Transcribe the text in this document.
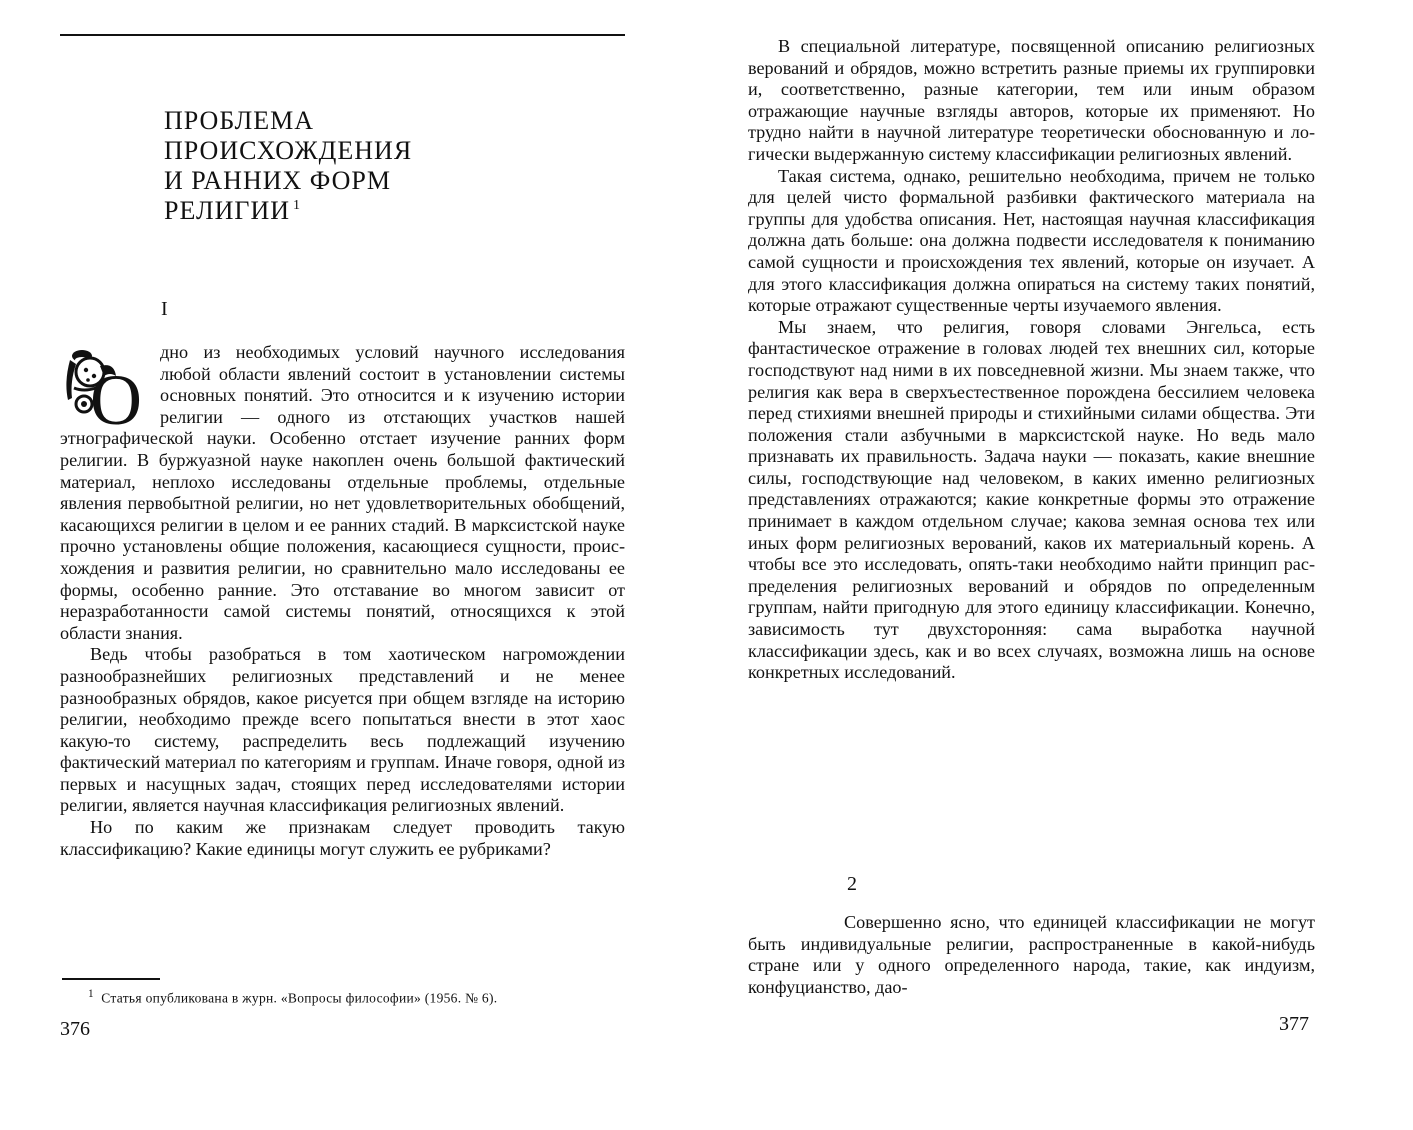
ПРОБЛЕМА
ПРОИСХОЖДЕНИЯ
И РАННИХ ФОРМ
РЕЛИГИИ $^1$
I

О
дно из необходимых условий научного исследования любой области явлений состоит в установлении системы основных понятий. Это относится и к изучению истории религии — одного из отстающих участков нашей этнографической науки. Особенно отстает изучение ранних форм религии. В буржуазной науке накоплен очень большой фактический материал, неплохо исследованы отдельные проблемы, отдельные явления первобытной религии, но нет удовлетворительных обобщений, касающихся религии в целом и ее ранних стадий. В марксистской науке прочно установлены общие положения, касающиеся сущности, происхождения и развития религии, но сравнительно мало исследованы ее формы, особенно ранние. Это отставание во многом зависит от неразработанности самой системы понятий, относящихся к этой области знания.

Ведь чтобы разобраться в том хаотическом нагромождении разнообразнейших религиозных представлений и не менее разнообразных обрядов, какое рисуется при общем взгляде на историю религии, необходимо прежде всего попытаться внести в этот хаос какую-то систему, распределить весь подлежащий изучению фактический материал по категориям и группам. Иначе говоря, одной из первых и насущных задач, стоящих перед исследователями истории религии, является научная классификация религиозных явлений.

Но по каким же признакам следует проводить такую классификацию? Какие единицы могут служить ее рубриками?

$^1$ Статья опубликована в журн. «Вопросы философии» (1956. № 6).
376

В специальной литературе, посвященной описанию религиозных верований и обрядов, можно встретить разные приемы их группировки и, соответственно, разные категории, тем или иным образом отражающие научные взгляды авторов, которые их применяют. Но трудно найти в научной литературе теоретически обоснованную и логически выдержанную систему классификации религиозных явлений.

Такая система, однако, решительно необходима, причем не только для целей чисто формальной разбивки фактического материала на группы для удобства описания. Нет, настоящая научная классификация должна дать больше: она должна подвести исследователя к пониманию самой сущности и происхождения тех явлений, которые он изучает. А для этого классификация должна опираться на систему таких понятий, которые отражают существенные черты изучаемого явления.

Мы знаем, что религия, говоря словами Энгельса, есть фантастическое отражение в головах людей тех внешних сил, которые господствуют над ними в их повседневной жизни. Мы знаем также, что религия как вера в сверхъестественное порождена бессилием человека перед стихиями внешней природы и стихийными силами общества. Эти положения стали азбучными в марксистской науке. Но ведь мало признавать их правильность. Задача науки — показать, какие внешние силы, господствующие над человеком, в каких именно религиозных представлениях отражаются; какие конкретные формы это отражение принимает в каждом отдельном случае; какова земная основа тех или иных форм религиозных верований, каков их материальный корень. А чтобы все это исследовать, опять-таки необходимо найти принцип распределения религиозных верований и обрядов по определенным группам, найти пригодную для этого единицу классификации. Конечно, зависимость тут двухсторонняя: сама выработка научной классификации здесь, как и во всех случаях, возможна лишь на основе конкретных исследований.

2

Совершенно ясно, что единицей классификации не могут быть индивидуальные религии, распространенные в какой-нибудь стране или у одного определенного народа, такие, как индуизм, конфуцианство, дао-

377
